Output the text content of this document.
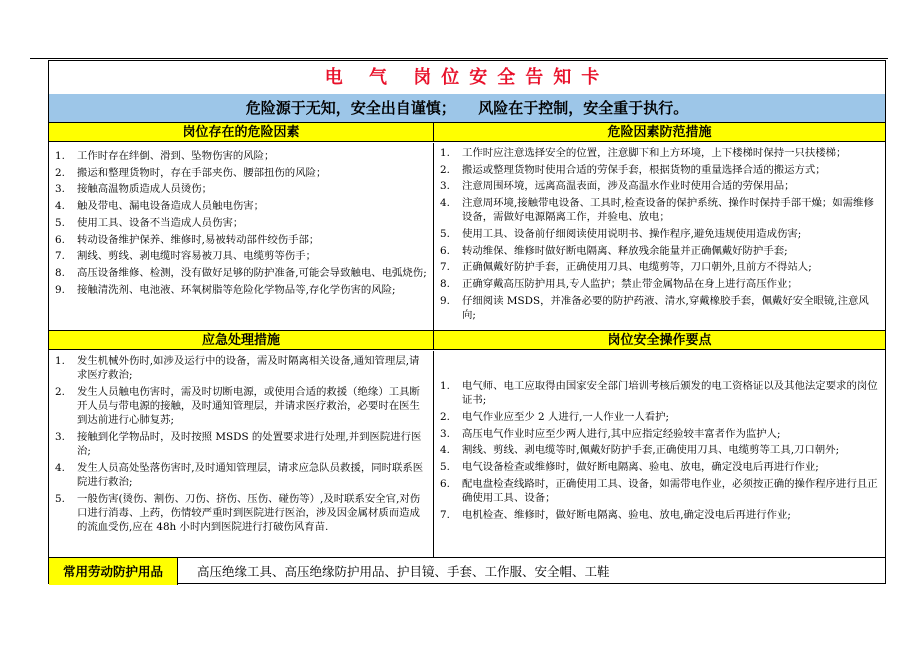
电 气 岗位安全告知卡
危险源于无知，安全出自谨慎；　　风险在于控制，安全重于执行。
岗位存在的危险因素	危险因素防范措施
1. 工作时存在绊倒、滑到、坠物伤害的风险；
2. 搬运和整理货物时，存在手部夹伤、腰部扭伤的风险；
3. 接触高温物质造成人员烫伤；
4. 触及带电、漏电设备造成人员触电伤害；
5. 使用工具、设备不当造成人员伤害；
6. 转动设备维护保养、维修时,易被转动部件绞伤手部；
7. 割线、剪线、剥电缆时容易被刀具、电缆剪等伤手；
8. 高压设备维修、检测，没有做好足够的防护准备,可能会导致触电、电弧烧伤;
9. 接触清洗剂、电池液、环氧树脂等危险化学物品等,存化学伤害的风险;
1. 工作时应注意选择安全的位置，注意脚下和上方环境，上下楼梯时保持一只扶楼梯；
2. 搬运或整理货物时使用合适的劳保手套，根据货物的重量选择合适的搬运方式；
3. 注意周围环境，远离高温表面，涉及高温水作业时使用合适的劳保用品；
4. 注意周环境,接触带电设备、工具时,检查设备的保护系统、操作时保持手部干燥；如需维修设备，需做好电源隔离工作，并验电、放电；
5. 使用工具、设备前仔细阅读使用说明书、操作程序,避免违规使用造成伤害;
6. 转动维保、维修时做好断电隔离、释放残余能量并正确佩戴好防护手套;
7. 正确佩戴好防护手套，正确使用刀具、电缆剪等，刀口朝外,且前方不得站人;
8. 正确穿戴高压防护用具,专人监护；禁止带金属物品在身上进行高压作业；
9. 仔细阅读 MSDS，并准备必要的防护药液、清水,穿戴橡胶手套，佩戴好安全眼镜,注意风向;
应急处理措施	岗位安全操作要点
1. 发生机械外伤时,如涉及运行中的设备，需及时隔离相关设备,通知管理层,请求医疗救治;
2. 发生人员触电伤害时，需及时切断电源，或使用合适的救援（绝缘）工具断开人员与带电源的接触，及时通知管理层，并请求医疗救治，必要时在医生到达前进行心肺复苏;
3. 接触到化学物品时，及时按照 MSDS 的处置要求进行处理,并到医院进行医治;
4. 发生人员高处坠落伤害时,及时通知管理层，请求应急队员救援，同时联系医院进行救治;
5. 一般伤害(烫伤、割伤、刀伤、挤伤、压伤、碰伤等）,及时联系安全官,对伤口进行消毒、上药，伤情较严重时到医院进行医治，涉及因金属材质而造成的流血受伤,应在 48h 小时内到医院进行打破伤风育苗.
1. 电气师、电工应取得由国家安全部门培训考核后颁发的电工资格证以及其他法定要求的岗位证书;
2. 电气作业应至少 2 人进行,一人作业一人看护;
3. 高压电气作业时应至少两人进行,其中应指定经验较丰富者作为监护人;
4. 割线、剪线、剥电缆等时,佩戴好防护手套,正确使用刀具、电缆剪等工具,刀口朝外;
5. 电气设备检查或维修时，做好断电隔离、验电、放电，确定没电后再进行作业;
6. 配电盘检查线路时，正确使用工具、设备，如需带电作业，必须按正确的操作程序进行且正确使用工具、设备；
7. 电机检查、维修时，做好断电隔离、验电、放电,确定没电后再进行作业;
常用劳动防护用品	高压绝缘工具、高压绝缘防护用品、护目镜、手套、工作服、安全帽、工鞋
